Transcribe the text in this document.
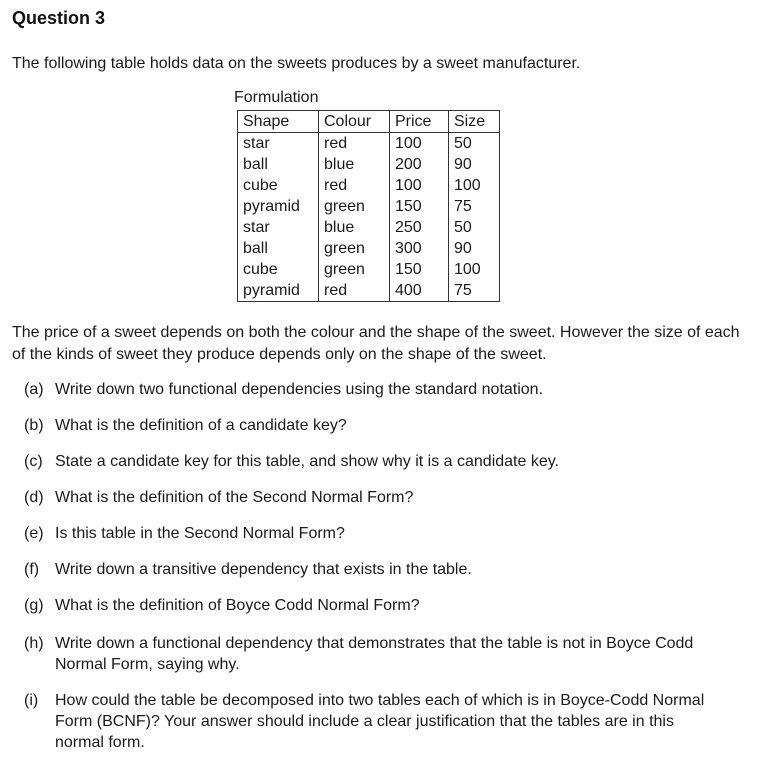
Question 3
The following table holds data on the sweets produces by a sweet manufacturer.
Formulation
Shape	Colour	Price	Size
star	red	100	50
ball	blue	200	90
cube	red	100	100
pyramid	green	150	75
star	blue	250	50
ball	green	300	90
cube	green	150	100
pyramid	red	400	75
The price of a sweet depends on both the colour and the shape of the sweet. However the size of each of the kinds of sweet they produce depends only on the shape of the sweet.
(a) Write down two functional dependencies using the standard notation.
(b) What is the definition of a candidate key?
(c) State a candidate key for this table, and show why it is a candidate key.
(d) What is the definition of the Second Normal Form?
(e) Is this table in the Second Normal Form?
(f) Write down a transitive dependency that exists in the table.
(g) What is the definition of Boyce Codd Normal Form?
(h) Write down a functional dependency that demonstrates that the table is not in Boyce Codd Normal Form, saying why.
(i)	How could the table be decomposed into two tables each of which is in Boyce-Codd Normal Form (BCNF)? Your answer should include a clear justification that the tables are in this normal form.
